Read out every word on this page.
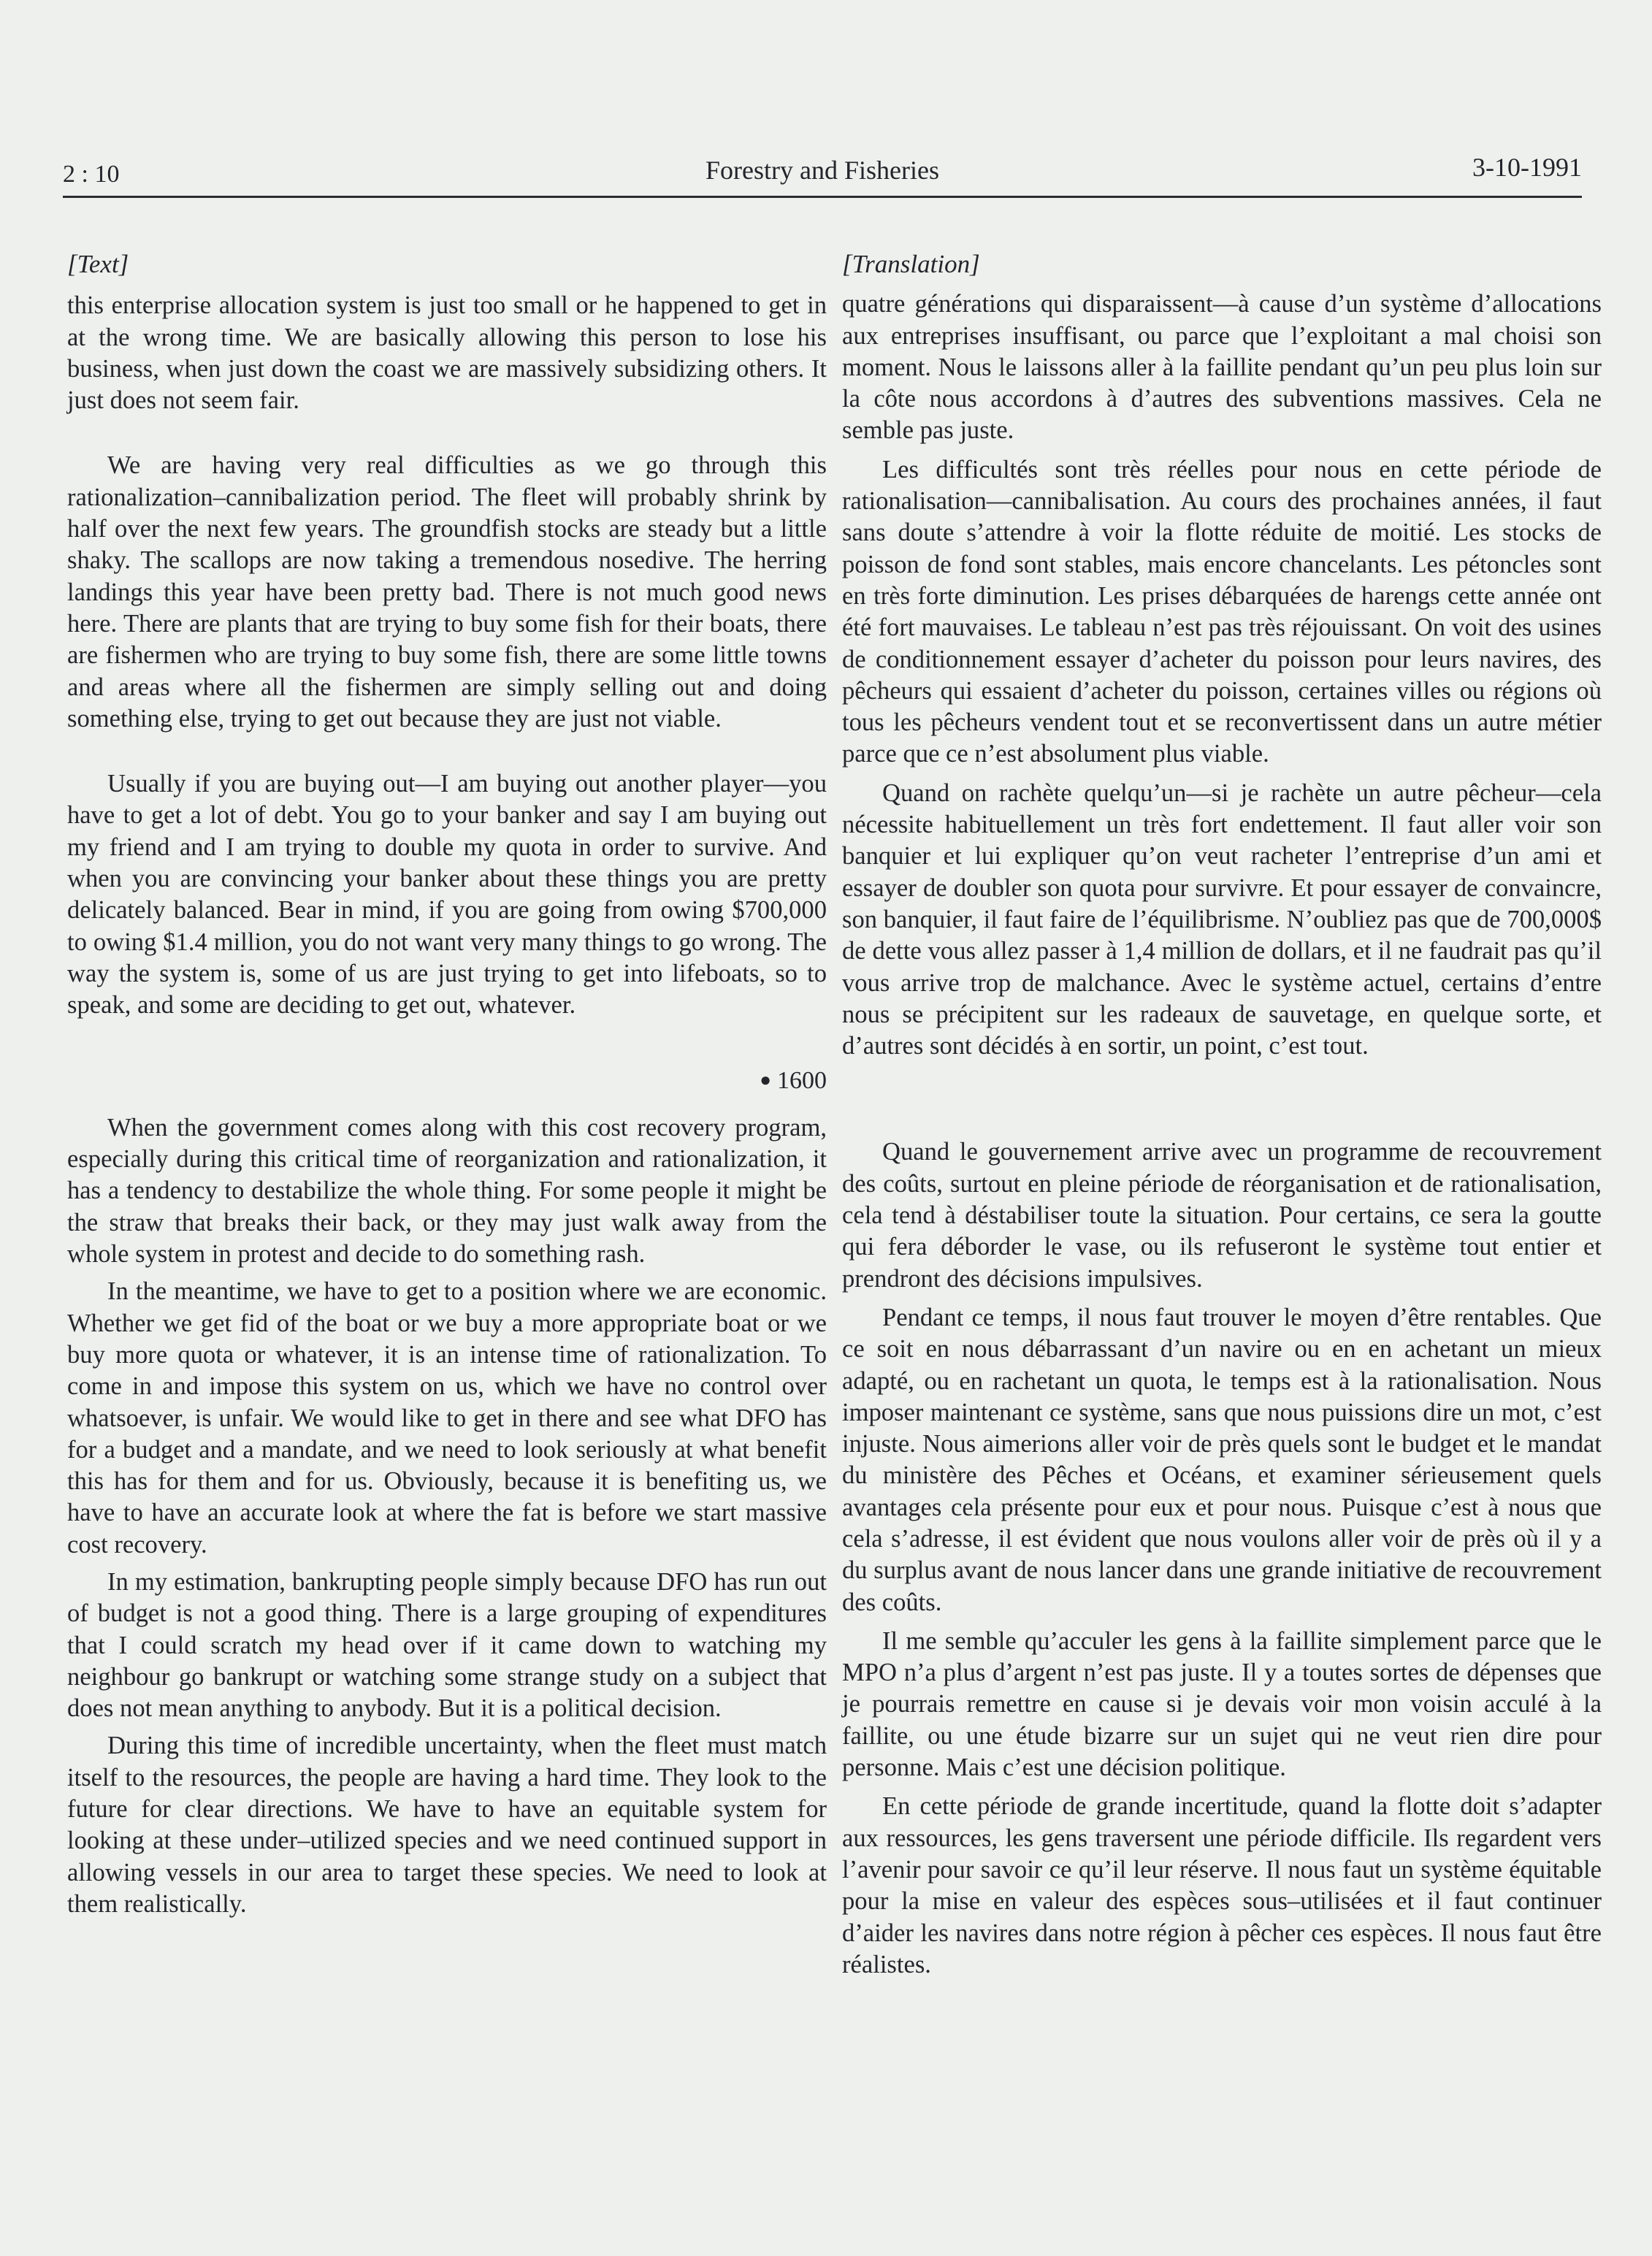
2 : 10	Forestry and Fisheries	3-10-1991
[Text]

this enterprise allocation system is just too small or he happened to get in at the wrong time. We are basically allowing this person to lose his business, when just down the coast we are massively subsidizing others. It just does not seem fair.

We are having very real difficulties as we go through this rationalization–cannibalization period. The fleet will probably shrink by half over the next few years. The groundfish stocks are steady but a little shaky. The scallops are now taking a tremendous nosedive. The herring landings this year have been pretty bad. There is not much good news here. There are plants that are trying to buy some fish for their boats, there are fishermen who are trying to buy some fish, there are some little towns and areas where all the fishermen are simply selling out and doing something else, trying to get out because they are just not viable.

Usually if you are buying out—I am buying out another player—you have to get a lot of debt. You go to your banker and say I am buying out my friend and I am trying to double my quota in order to survive. And when you are convincing your banker about these things you are pretty delicately balanced. Bear in mind, if you are going from owing $700,000 to owing $1.4 million, you do not want very many things to go wrong. The way the system is, some of us are just trying to get into lifeboats, so to speak, and some are deciding to get out, whatever.

● 1600

When the government comes along with this cost recovery program, especially during this critical time of reorganization and rationalization, it has a tendency to destabilize the whole thing. For some people it might be the straw that breaks their back, or they may just walk away from the whole system in protest and decide to do something rash.

In the meantime, we have to get to a position where we are economic. Whether we get fid of the boat or we buy a more appropriate boat or we buy more quota or whatever, it is an intense time of rationalization. To come in and impose this system on us, which we have no control over whatsoever, is unfair. We would like to get in there and see what DFO has for a budget and a mandate, and we need to look seriously at what benefit this has for them and for us. Obviously, because it is benefiting us, we have to have an accurate look at where the fat is before we start massive cost recovery.

In my estimation, bankrupting people simply because DFO has run out of budget is not a good thing. There is a large grouping of expenditures that I could scratch my head over if it came down to watching my neighbour go bankrupt or watching some strange study on a subject that does not mean anything to anybody. But it is a political decision.

During this time of incredible uncertainty, when the fleet must match itself to the resources, the people are having a hard time. They look to the future for clear directions. We have to have an equitable system for looking at these under–utilized species and we need continued support in allowing vessels in our area to target these species. We need to look at them realistically.

[Translation]

quatre générations qui disparaissent—à cause d’un système d’allocations aux entreprises insuffisant, ou parce que l’exploitant a mal choisi son moment. Nous le laissons aller à la faillite pendant qu’un peu plus loin sur la côte nous accordons à d’autres des subventions massives. Cela ne semble pas juste.

Les difficultés sont très réelles pour nous en cette période de rationalisation—cannibalisation. Au cours des prochaines années, il faut sans doute s’attendre à voir la flotte réduite de moitié. Les stocks de poisson de fond sont stables, mais encore chancelants. Les pétoncles sont en très forte diminution. Les prises débarquées de harengs cette année ont été fort mauvaises. Le tableau n’est pas très réjouissant. On voit des usines de conditionnement essayer d’acheter du poisson pour leurs navires, des pêcheurs qui essaient d’acheter du poisson, certaines villes ou régions où tous les pêcheurs vendent tout et se reconvertissent dans un autre métier parce que ce n’est absolument plus viable.

Quand on rachète quelqu’un—si je rachète un autre pêcheur—cela nécessite habituellement un très fort endettement. Il faut aller voir son banquier et lui expliquer qu’on veut racheter l’entreprise d’un ami et essayer de doubler son quota pour survivre. Et pour essayer de convaincre, son banquier, il faut faire de l’équilibrisme. N’oubliez pas que de 700,000$ de dette vous allez passer à 1,4 million de dollars, et il ne faudrait pas qu’il vous arrive trop de malchance. Avec le système actuel, certains d’entre nous se précipitent sur les radeaux de sauvetage, en quelque sorte, et d’autres sont décidés à en sortir, un point, c’est tout.

Quand le gouvernement arrive avec un programme de recouvrement des coûts, surtout en pleine période de réorganisation et de rationalisation, cela tend à déstabiliser toute la situation. Pour certains, ce sera la goutte qui fera déborder le vase, ou ils refuseront le système tout entier et prendront des décisions impulsives.

Pendant ce temps, il nous faut trouver le moyen d’être rentables. Que ce soit en nous débarrassant d’un navire ou en en achetant un mieux adapté, ou en rachetant un quota, le temps est à la rationalisation. Nous imposer maintenant ce système, sans que nous puissions dire un mot, c’est injuste. Nous aimerions aller voir de près quels sont le budget et le mandat du ministère des Pêches et Océans, et examiner sérieusement quels avantages cela présente pour eux et pour nous. Puisque c’est à nous que cela s’adresse, il est évident que nous voulons aller voir de près où il y a du surplus avant de nous lancer dans une grande initiative de recouvrement des coûts.

Il me semble qu’acculer les gens à la faillite simplement parce que le MPO n’a plus d’argent n’est pas juste. Il y a toutes sortes de dépenses que je pourrais remettre en cause si je devais voir mon voisin acculé à la faillite, ou une étude bizarre sur un sujet qui ne veut rien dire pour personne. Mais c’est une décision politique.

En cette période de grande incertitude, quand la flotte doit s’adapter aux ressources, les gens traversent une période difficile. Ils regardent vers l’avenir pour savoir ce qu’il leur réserve. Il nous faut un système équitable pour la mise en valeur des espèces sous–utilisées et il faut continuer d’aider les navires dans notre région à pêcher ces espèces. Il nous faut être réalistes.
